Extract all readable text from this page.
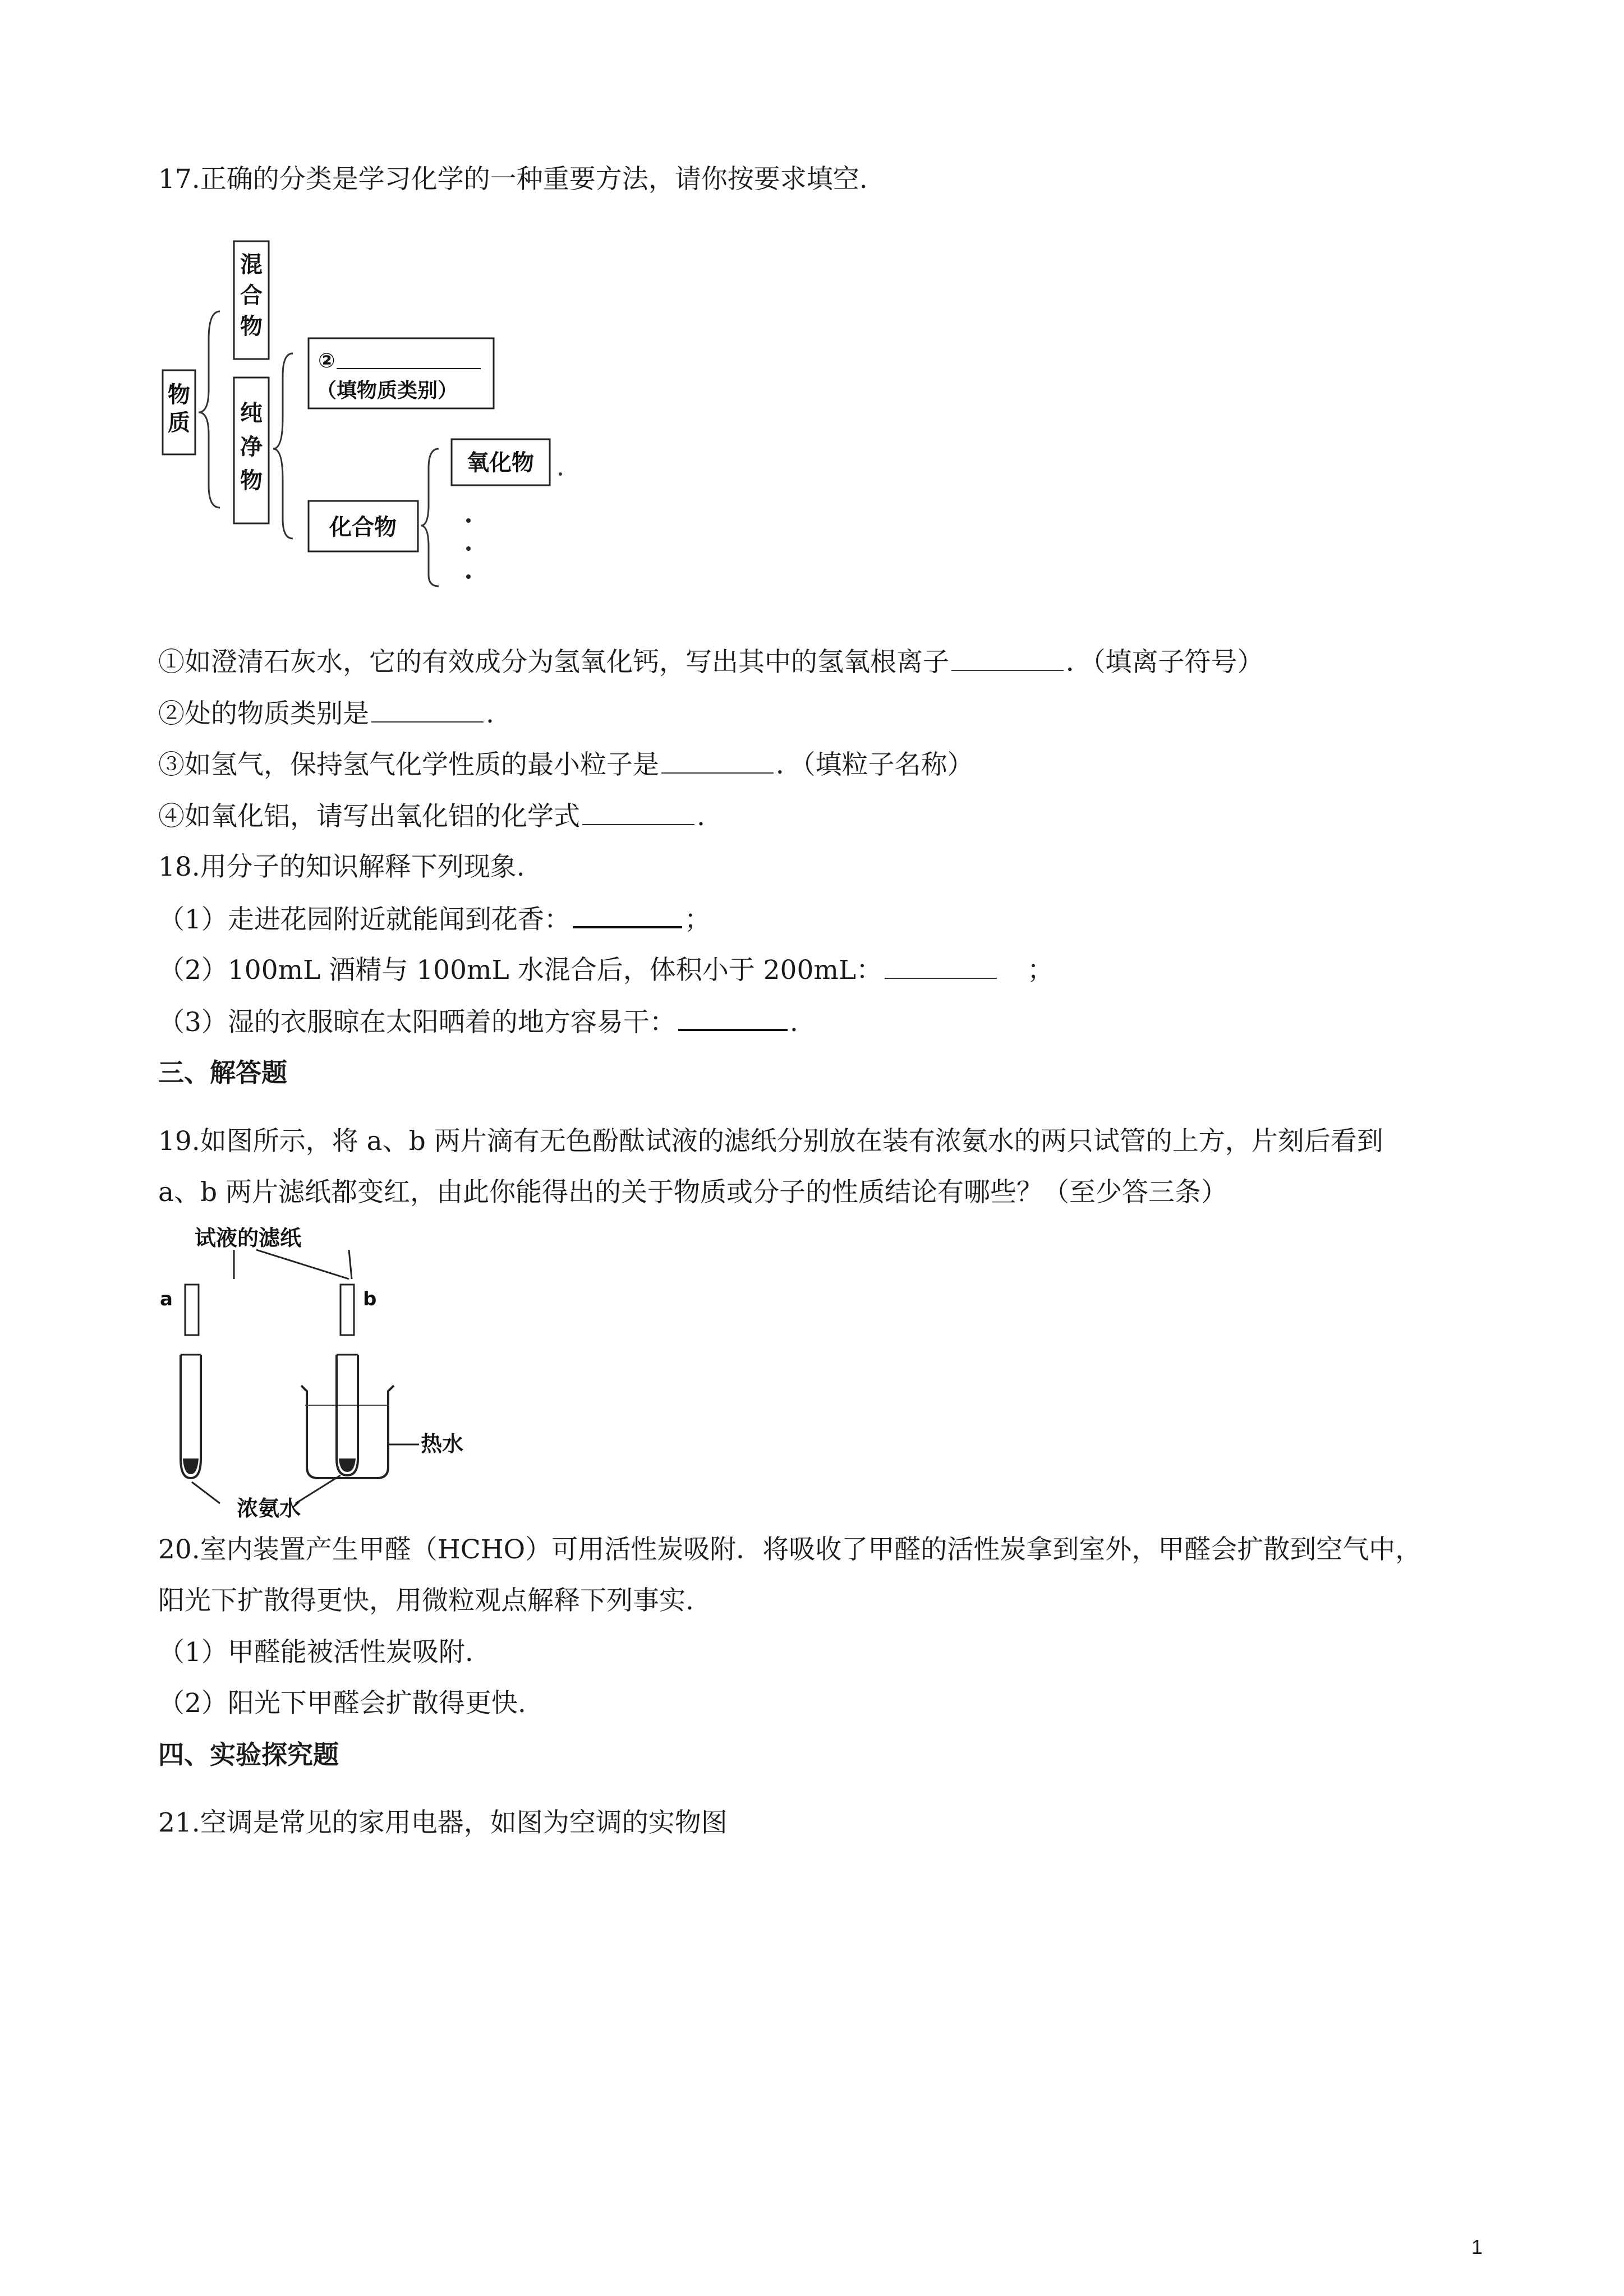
17.正确的分类是学习化学的一种重要方法，请你按要求填空.
物
质
混
合
物
纯
净
物
②
（填物质类别）
化合物
氧化物
①如澄清石灰水，它的有效成分为氢氧化钙，写出其中的氢氧根离子	．（填离子符号）
②处的物质类别是	.
③如氢气，保持氢气化学性质的最小粒子是	．（填粒子名称）
④如氧化铝，请写出氧化铝的化学式	.
18.用分子的知识解释下列现象.
（1）走进花园附近就能闻到花香：	；
（2）100mL 酒精与 100mL 水混合后，体积小于 200mL：	；
（3）湿的衣服晾在太阳晒着的地方容易干：	.
三、解答题
19.如图所示，将 a、b 两片滴有无色酚酞试液的滤纸分别放在装有浓氨水的两只试管的上方，片刻后看到
a、b 两片滤纸都变红，由此你能得出的关于物质或分子的性质结论有哪些？（至少答三条）
试液的滤纸
a	b
热水
浓氨水
20.室内装置产生甲醛（HCHO）可用活性炭吸附．将吸收了甲醛的活性炭拿到室外，甲醛会扩散到空气中，
阳光下扩散得更快，用微粒观点解释下列事实.
（1）甲醛能被活性炭吸附.
（2）阳光下甲醛会扩散得更快.
四、实验探究题
21.空调是常见的家用电器，如图为空调的实物图
1
